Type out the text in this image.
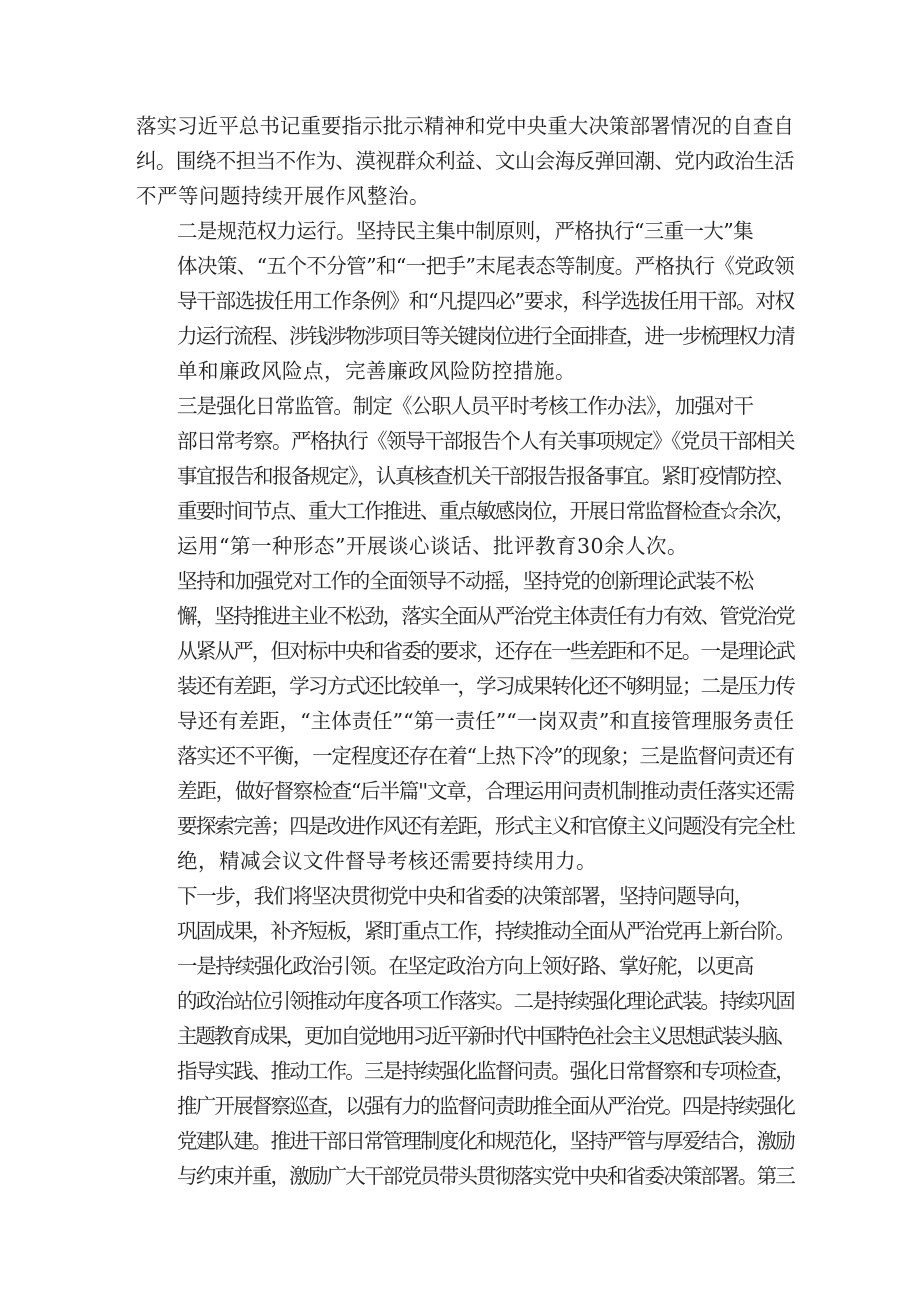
落实习近平总书记重要指示批示精神和党中央重大决策部署情况的自查自
纠。围绕不担当不作为、漠视群众利益、文山会海反弹回潮、党内政治生活
不严等问题持续开展作风整治。
二是规范权力运行。坚持民主集中制原则，严格执行“三重一大”集
体决策、“五个不分管”和“一把手”末尾表态等制度。严格执行《党政领
导干部选拔任用工作条例》和“凡提四必”要求，科学选拔任用干部。对权
力运行流程、涉钱涉物涉项目等关键岗位进行全面排查，进一步梳理权力清
单和廉政风险点，完善廉政风险防控措施。
三是强化日常监管。制定《公职人员平时考核工作办法》，加强对干
部日常考察。严格执行《领导干部报告个人有关事项规定》《党员干部相关
事宜报告和报备规定》，认真核查机关干部报告报备事宜。紧盯疫情防控、
重要时间节点、重大工作推进、重点敏感岗位，开展日常监督检查☆余次，
运用“第一种形态”开展谈心谈话、批评教育30余人次。
坚持和加强党对工作的全面领导不动摇，坚持党的创新理论武装不松
懈，坚持推进主业不松劲，落实全面从严治党主体责任有力有效、管党治党
从紧从严，但对标中央和省委的要求，还存在一些差距和不足。一是理论武
装还有差距，学习方式还比较单一，学习成果转化还不够明显；二是压力传
导还有差距，“主体责任”“第一责任”“一岗双责”和直接管理服务责任
落实还不平衡，一定程度还存在着“上热下冷”的现象；三是监督问责还有
差距，做好督察检查“后半篇''文章，合理运用问责机制推动责任落实还需
要探索完善；四是改进作风还有差距，形式主义和官僚主义问题没有完全杜
绝，精减会议文件督导考核还需要持续用力。
下一步，我们将坚决贯彻党中央和省委的决策部署，坚持问题导向，
巩固成果，补齐短板，紧盯重点工作，持续推动全面从严治党再上新台阶。
一是持续强化政治引领。在坚定政治方向上领好路、掌好舵，以更高
的政治站位引领推动年度各项工作落实。二是持续强化理论武装。持续巩固
主题教育成果，更加自觉地用习近平新时代中国特色社会主义思想武装头脑、
指导实践、推动工作。三是持续强化监督问责。强化日常督察和专项检查，
推广开展督察巡查，以强有力的监督问责助推全面从严治党。四是持续强化
党建队建。推进干部日常管理制度化和规范化，坚持严管与厚爱结合，激励
与约束并重，激励广大干部党员带头贯彻落实党中央和省委决策部署。第三
